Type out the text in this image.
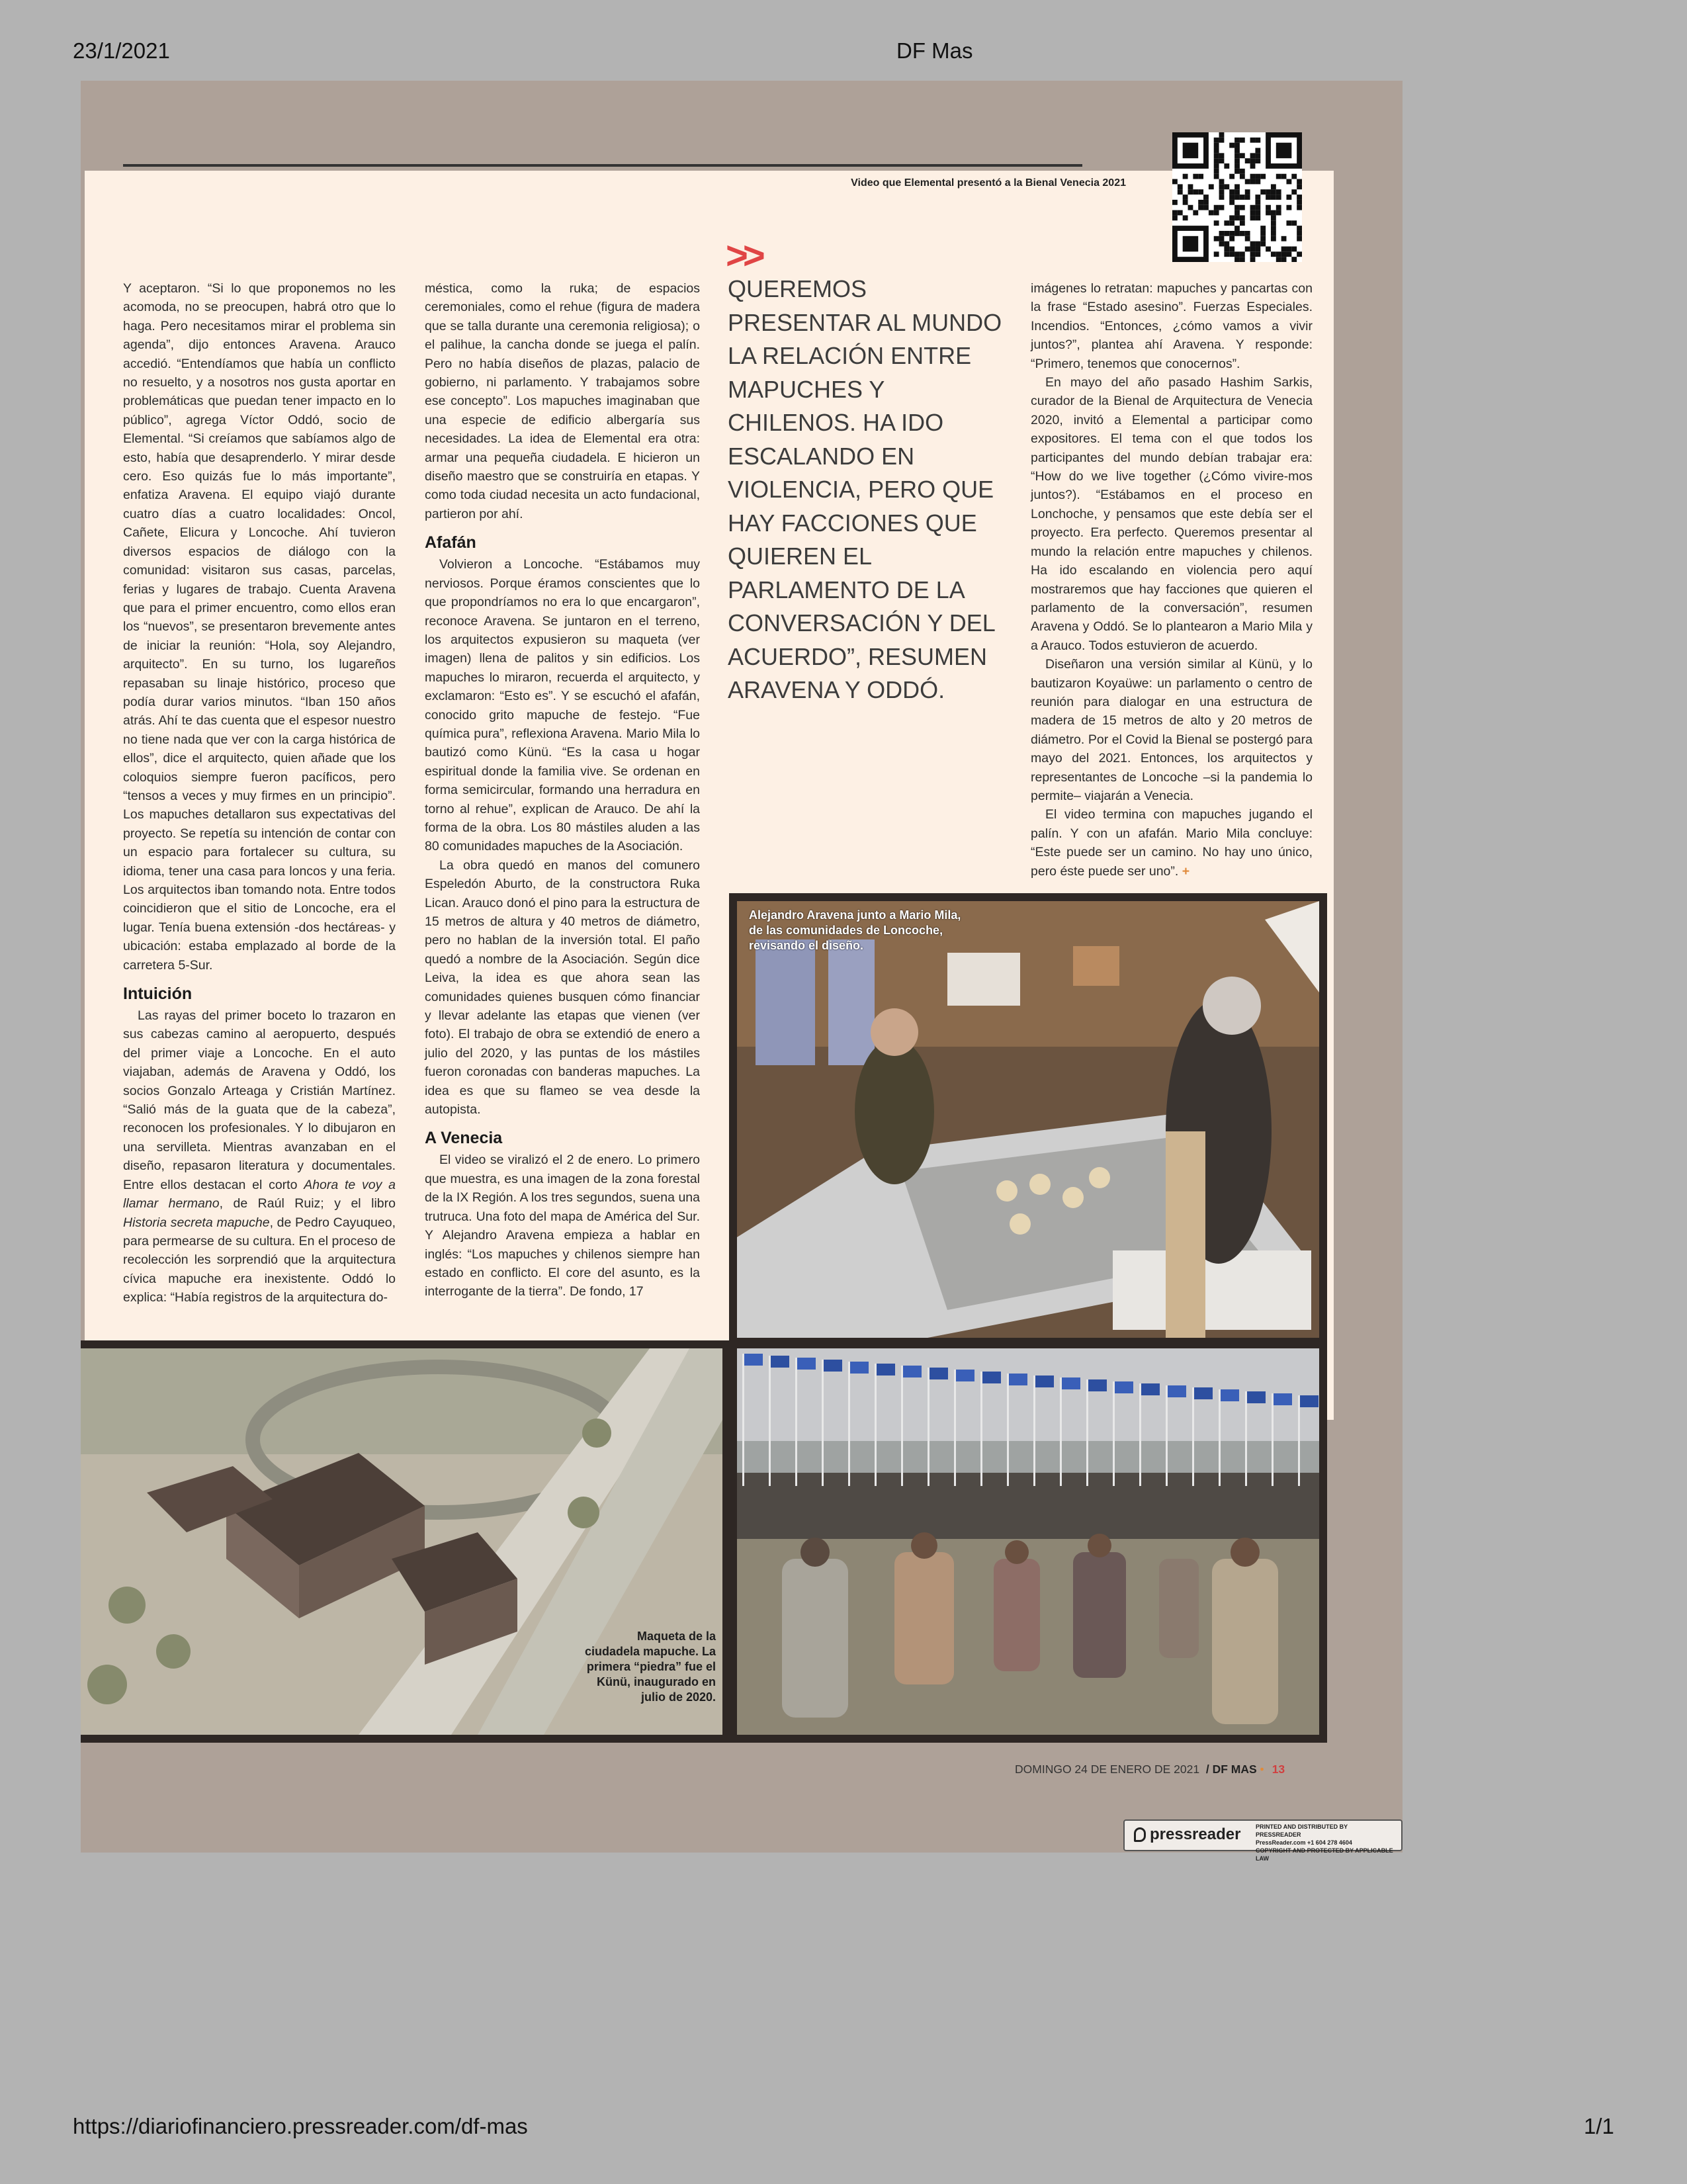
23/1/2021	DF Mas
Video que Elemental presentó a la Bienal Venecia 2021

Y aceptaron. “Si lo que proponemos no les acomoda, no se preocupen, habrá otro que lo haga. Pero necesitamos mirar el problema sin agenda”, dijo entonces Aravena. Arauco accedió. “Entendíamos que había un conflicto no resuelto, y a nosotros nos gusta aportar en problemáticas que puedan tener impacto en lo público”, agrega Víctor Oddó, socio de Elemental. “Si creíamos que sabíamos algo de esto, había que desaprenderlo. Y mirar desde cero. Eso quizás fue lo más importante”, enfatiza Aravena. El equipo viajó durante cuatro días a cuatro localidades: Oncol, Cañete, Elicura y Loncoche. Ahí tuvieron diversos espacios de diálogo con la comunidad: visitaron sus casas, parcelas, ferias y lugares de trabajo. Cuenta Aravena que para el primer encuentro, como ellos eran los “nuevos”, se presentaron brevemente antes de iniciar la reunión: “Hola, soy Alejandro, arquitecto”. En su turno, los lugareños repasaban su linaje histórico, proceso que podía durar varios minutos. “Iban 150 años atrás. Ahí te das cuenta que el espesor nuestro no tiene nada que ver con la carga histórica de ellos”, dice el arquitecto, quien añade que los coloquios siempre fueron pacíficos, pero “tensos a veces y muy firmes en un principio”. Los mapuches detallaron sus expectativas del proyecto. Se repetía su intención de contar con un espacio para fortalecer su cultura, su idioma, tener una casa para loncos y una feria. Los arquitectos iban tomando nota. Entre todos coincidieron que el sitio de Loncoche, era el lugar. Tenía buena extensión -dos hectáreas- y ubicación: estaba emplazado al borde de la carretera 5-Sur.

Intuición

Las rayas del primer boceto lo trazaron en sus cabezas camino al aeropuerto, después del primer viaje a Loncoche. En el auto viajaban, además de Aravena y Oddó, los socios Gonzalo Arteaga y Cristián Martínez. “Salió más de la guata que de la cabeza”, reconocen los profesionales. Y lo dibujaron en una servilleta. Mientras avanzaban en el diseño, repasaron literatura y documentales. Entre ellos destacan el corto Ahora te voy a llamar hermano, de Raúl Ruiz; y el libro Historia secreta mapuche, de Pedro Cayuqueo, para permearse de su cultura. En el proceso de recolección les sorprendió que la arquitectura cívica mapuche era inexistente. Oddó lo explica: “Había registros de la arquitectura do-

méstica, como la ruka; de espacios ceremoniales, como el rehue (figura de madera que se talla durante una ceremonia religiosa); o el palihue, la cancha donde se juega el palín. Pero no había diseños de plazas, palacio de gobierno, ni parlamento. Y trabajamos sobre ese concepto”. Los mapuches imaginaban que una especie de edificio albergaría sus necesidades. La idea de Elemental era otra: armar una pequeña ciudadela. E hicieron un diseño maestro que se construiría en etapas. Y como toda ciudad necesita un acto fundacional, partieron por ahí.

Afafán

Volvieron a Loncoche. “Estábamos muy nerviosos. Porque éramos conscientes que lo que propondríamos no era lo que encargaron”, reconoce Aravena. Se juntaron en el terreno, los arquitectos expusieron su maqueta (ver imagen) llena de palitos y sin edificios. Los mapuches lo miraron, recuerda el arquitecto, y exclamaron: “Esto es”. Y se escuchó el afafán, conocido grito mapuche de festejo. “Fue química pura”, reflexiona Aravena. Mario Mila lo bautizó como Künü. “Es la casa u hogar espiritual donde la familia vive. Se ordenan en forma semicircular, formando una herradura en torno al rehue”, explican de Arauco. De ahí la forma de la obra. Los 80 mástiles aluden a las 80 comunidades mapuches de la Asociación.

La obra quedó en manos del comunero Espeledón Aburto, de la constructora Ruka Lican. Arauco donó el pino para la estructura de 15 metros de altura y 40 metros de diámetro, pero no hablan de la inversión total. El paño quedó a nombre de la Asociación. Según dice Leiva, la idea es que ahora sean las comunidades quienes busquen cómo financiar y llevar adelante las etapas que vienen (ver foto). El trabajo de obra se extendió de enero a julio del 2020, y las puntas de los mástiles fueron coronadas con banderas mapuches. La idea es que su flameo se vea desde la autopista.

A Venecia

El video se viralizó el 2 de enero. Lo primero que muestra, es una imagen de la zona forestal de la IX Región. A los tres segundos, suena una trutruca. Una foto del mapa de América del Sur. Y Alejandro Aravena empieza a hablar en inglés: “Los mapuches y chilenos siempre han estado en conflicto. El core del asunto, es la interrogante de la tierra”. De fondo, 17

>>
QUEREMOS PRESENTAR AL MUNDO LA RELACIÓN ENTRE MAPUCHES Y CHILENOS. HA IDO ESCALANDO EN VIOLENCIA, PERO QUE HAY FACCIONES QUE QUIEREN EL PARLAMENTO DE LA CONVERSACIÓN Y DEL ACUERDO”, RESUMEN ARAVENA Y ODDÓ.

imágenes lo retratan: mapuches y pancartas con la frase “Estado asesino”. Fuerzas Especiales. Incendios. “Entonces, ¿cómo vamos a vivir juntos?”, plantea ahí Aravena. Y responde: “Primero, tenemos que conocernos”.

En mayo del año pasado Hashim Sarkis, curador de la Bienal de Arquitectura de Venecia 2020, invitó a Elemental a participar como expositores. El tema con el que todos los participantes del mundo debían trabajar era: “How do we live together (¿Cómo vivire-mos juntos?). “Estábamos en el proceso en Lonchoche, y pensamos que este debía ser el proyecto. Era perfecto. Queremos presentar al mundo la relación entre mapuches y chilenos. Ha ido escalando en violencia pero aquí mostraremos que hay facciones que quieren el parlamento de la conversación”, resumen Aravena y Oddó. Se lo plantearon a Mario Mila y a Arauco. Todos estuvieron de acuerdo.

Diseñaron una versión similar al Künü, y lo bautizaron Koyaüwe: un parlamento o centro de reunión para dialogar en una estructura de madera de 15 metros de alto y 20 metros de diámetro. Por el Covid la Bienal se postergó para mayo del 2021. Entonces, los arquitectos y representantes de Loncoche –si la pandemia lo permite– viajarán a Venecia.

El video termina con mapuches jugando el palín. Y con un afafán. Mario Mila concluye: “Este puede ser un camino. No hay uno único, pero éste puede ser uno”. +

Alejandro Aravena junto a Mario Mila, de las comunidades de Loncoche, revisando el diseño.
Maqueta de la ciudadela mapuche. La primera “piedra” fue el Künü, inaugurado en julio de 2020.
DOMINGO 24 DE ENERO DE 2021 / DF MAS • 13
pressreader	PRINTED AND DISTRIBUTED BY PRESSREADER
PressReader.com +1 604 278 4604
COPYRIGHT AND PROTECTED BY APPLICABLE LAW
https://diariofinanciero.pressreader.com/df-mas	1/1
